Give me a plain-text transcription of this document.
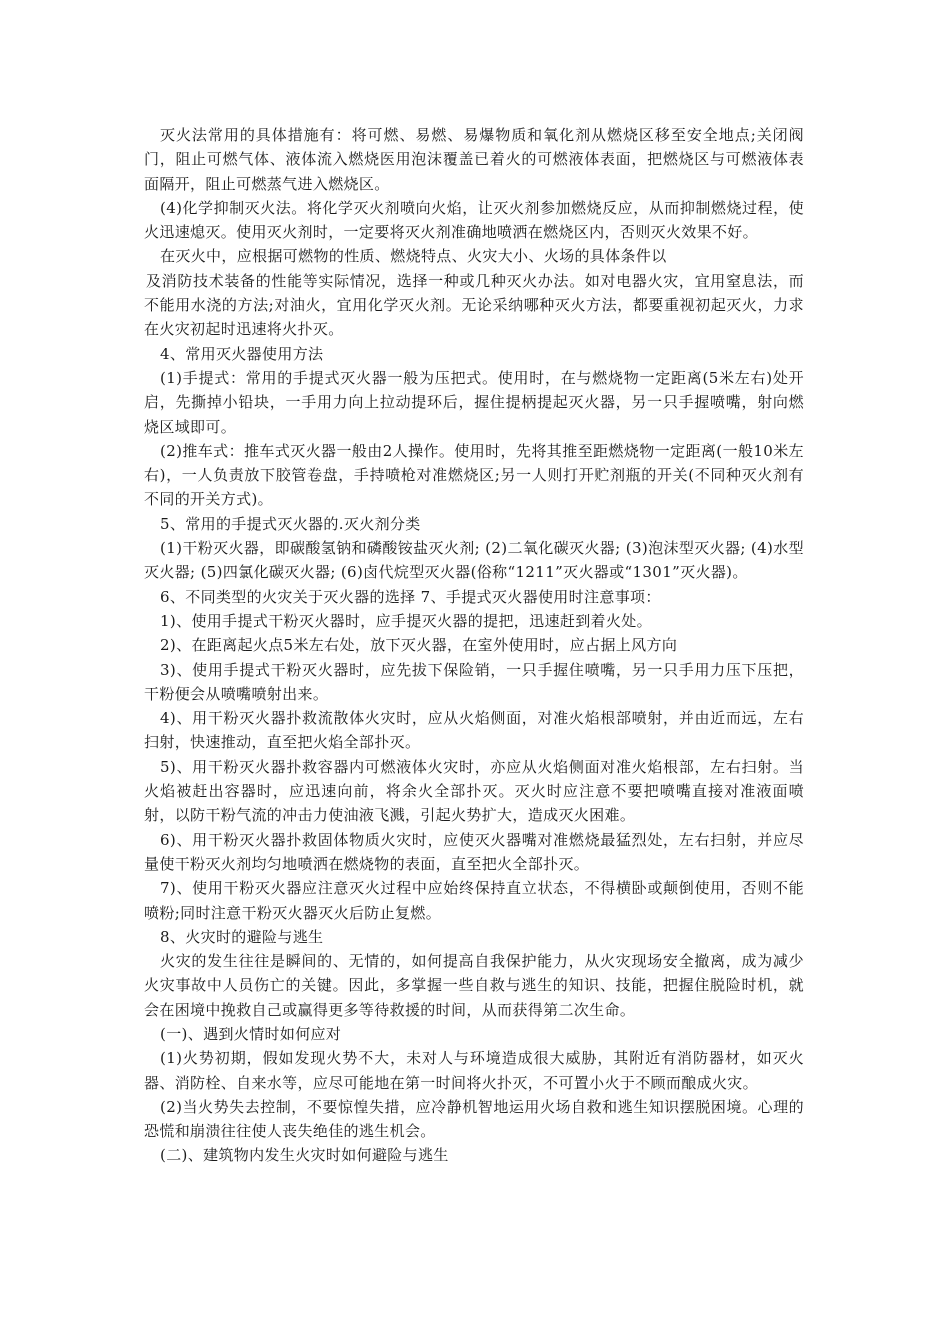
灭火法常用的具体措施有：将可燃、易燃、易爆物质和氧化剂从燃烧区移至安全地点;关闭阀门，阻止可燃气体、液体流入燃烧医用泡沫覆盖已着火的可燃液体表面，把燃烧区与可燃液体表面隔开，阻止可燃蒸气进入燃烧区。

(4)化学抑制灭火法。将化学灭火剂喷向火焰，让灭火剂参加燃烧反应，从而抑制燃烧过程，使火迅速熄灭。使用灭火剂时，一定要将灭火剂准确地喷洒在燃烧区内，否则灭火效果不好。

在灭火中，应根据可燃物的性质、燃烧特点、火灾大小、火场的具体条件以

及消防技术装备的性能等实际情况，选择一种或几种灭火办法。如对电器火灾，宜用窒息法，而不能用水浇的方法;对油火，宜用化学灭火剂。无论采纳哪种灭火方法，都要重视初起灭火，力求在火灾初起时迅速将火扑灭。

4、常用灭火器使用方法

(1)手提式：常用的手提式灭火器一般为压把式。使用时，在与燃烧物一定距离(5米左右)处开启，先撕掉小铅块，一手用力向上拉动提环后，握住提柄提起灭火器，另一只手握喷嘴，射向燃烧区域即可。

(2)推车式：推车式灭火器一般由2人操作。使用时，先将其推至距燃烧物一定距离(一般10米左右)，一人负责放下胶管卷盘，手持喷枪对准燃烧区;另一人则打开贮剂瓶的开关(不同种灭火剂有不同的开关方式)。

5、常用的手提式灭火器的.灭火剂分类

(1)干粉灭火器，即碳酸氢钠和磷酸铵盐灭火剂; (2)二氧化碳灭火器; (3)泡沫型灭火器; (4)水型灭火器; (5)四氯化碳灭火器; (6)卤代烷型灭火器(俗称“1211”灭火器或“1301”灭火器)。

6、不同类型的火灾关于灭火器的选择 7、手提式灭火器使用时注意事项：

1)、使用手提式干粉灭火器时，应手提灭火器的提把，迅速赶到着火处。

2)、在距离起火点5米左右处，放下灭火器，在室外使用时，应占据上风方向

3)、使用手提式干粉灭火器时，应先拔下保险销，一只手握住喷嘴，另一只手用力压下压把，干粉便会从喷嘴喷射出来。

4)、用干粉灭火器扑救流散体火灾时，应从火焰侧面，对准火焰根部喷射，并由近而远，左右扫射，快速推动，直至把火焰全部扑灭。

5)、用干粉灭火器扑救容器内可燃液体火灾时，亦应从火焰侧面对准火焰根部，左右扫射。当火焰被赶出容器时，应迅速向前，将余火全部扑灭。灭火时应注意不要把喷嘴直接对准液面喷射，以防干粉气流的冲击力使油液飞溅，引起火势扩大，造成灭火困难。

6)、用干粉灭火器扑救固体物质火灾时，应使灭火器嘴对准燃烧最猛烈处，左右扫射，并应尽量使干粉灭火剂均匀地喷洒在燃烧物的表面，直至把火全部扑灭。

7)、使用干粉灭火器应注意灭火过程中应始终保持直立状态，不得横卧或颠倒使用，否则不能喷粉;同时注意干粉灭火器灭火后防止复燃。

8、火灾时的避险与逃生

火灾的发生往往是瞬间的、无情的，如何提高自我保护能力，从火灾现场安全撤离，成为减少火灾事故中人员伤亡的关键。因此，多掌握一些自救与逃生的知识、技能，把握住脱险时机，就会在困境中挽救自己或赢得更多等待救援的时间，从而获得第二次生命。

(一)、遇到火情时如何应对

(1)火势初期，假如发现火势不大，未对人与环境造成很大威胁，其附近有消防器材，如灭火器、消防栓、自来水等，应尽可能地在第一时间将火扑灭，不可置小火于不顾而酿成火灾。

(2)当火势失去控制，不要惊惶失措，应冷静机智地运用火场自救和逃生知识摆脱困境。心理的恐慌和崩溃往往使人丧失绝佳的逃生机会。

(二)、建筑物内发生火灾时如何避险与逃生
